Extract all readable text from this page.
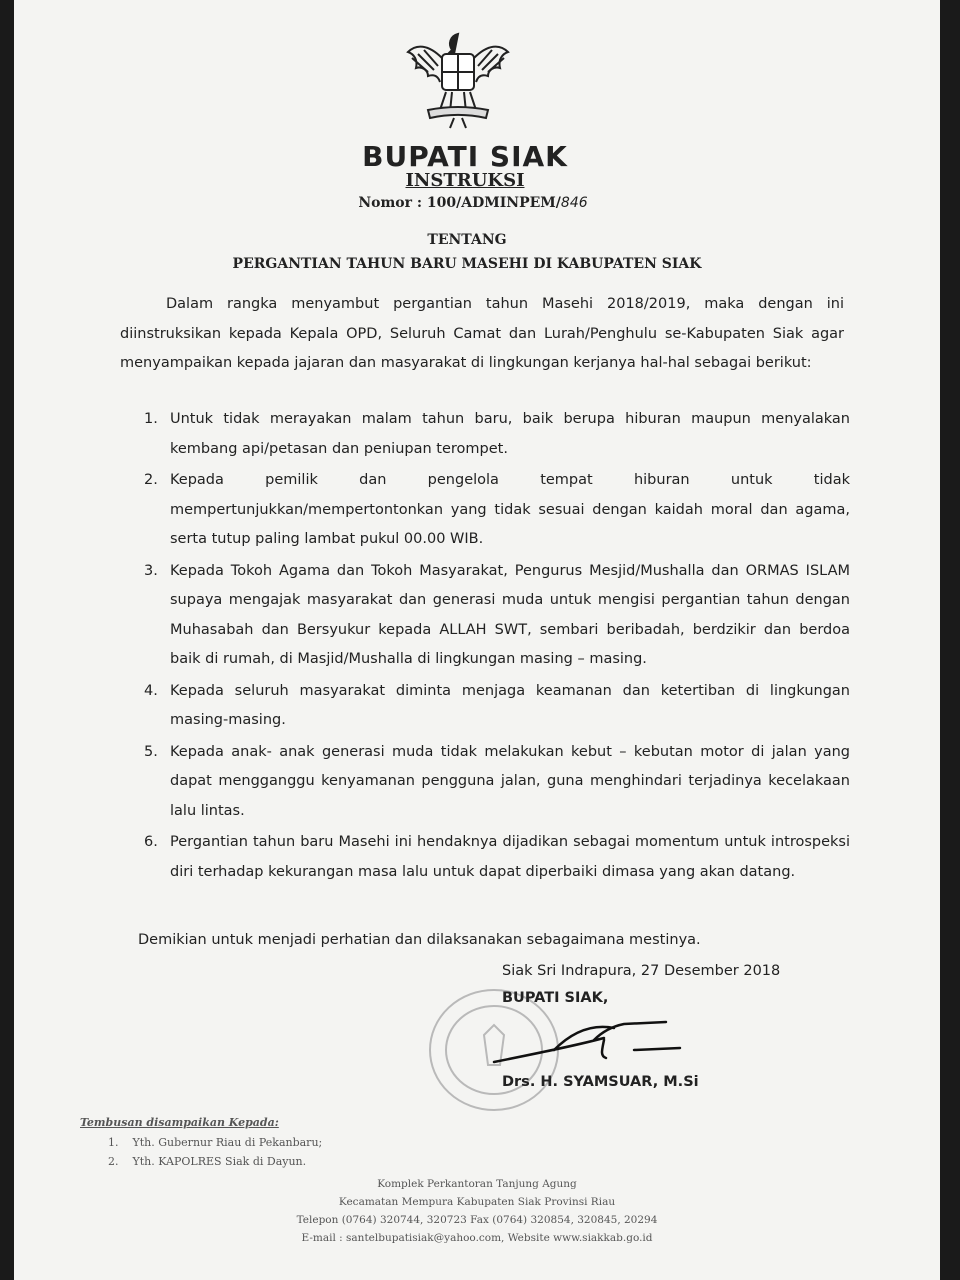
BUPATI SIAK
INSTRUKSI
Nomor : 100/ADMINPEM/846
TENTANG
PERGANTIAN TAHUN BARU MASEHI DI KABUPATEN SIAK
Dalam rangka menyambut pergantian tahun Masehi 2018/2019, maka dengan ini diinstruksikan kepada Kepala OPD, Seluruh Camat dan Lurah/Penghulu se-Kabupaten Siak agar menyampaikan kepada jajaran dan masyarakat di lingkungan kerjanya hal-hal sebagai berikut:
1. Untuk tidak merayakan malam tahun baru, baik berupa hiburan maupun menyalakan kembang api/petasan dan peniupan terompet.
2. Kepada pemilik dan pengelola tempat hiburan untuk tidak mempertunjukkan/mempertontonkan yang tidak sesuai dengan kaidah moral dan agama, serta tutup paling lambat pukul 00.00 WIB.
3. Kepada Tokoh Agama dan Tokoh Masyarakat, Pengurus Mesjid/Mushalla dan ORMAS ISLAM supaya mengajak masyarakat dan generasi muda untuk mengisi pergantian tahun dengan Muhasabah dan Bersyukur kepada ALLAH SWT, sembari beribadah, berdzikir dan berdoa baik di rumah, di Masjid/Mushalla di lingkungan masing – masing.
4. Kepada seluruh masyarakat diminta menjaga keamanan dan ketertiban di lingkungan masing-masing.
5. Kepada anak- anak generasi muda tidak melakukan kebut – kebutan motor di jalan yang dapat mengganggu kenyamanan pengguna jalan, guna menghindari terjadinya kecelakaan lalu lintas.
6. Pergantian tahun baru Masehi ini hendaknya dijadikan sebagai momentum untuk introspeksi diri terhadap kekurangan masa lalu untuk dapat diperbaiki dimasa yang akan datang.
Demikian untuk menjadi perhatian dan dilaksanakan sebagaimana mestinya.
Siak Sri Indrapura, 27 Desember 2018
BUPATI SIAK,
Drs. H. SYAMSUAR, M.Si
Tembusan disampaikan Kepada:
1. Yth. Gubernur Riau di Pekanbaru;
2. Yth. KAPOLRES Siak di Dayun.
Komplek Perkantoran Tanjung Agung
Kecamatan Mempura Kabupaten Siak Provinsi Riau
Telepon (0764) 320744, 320723 Fax (0764) 320854, 320845, 20294
E-mail : santelbupatisiak@yahoo.com, Website www.siakkab.go.id
